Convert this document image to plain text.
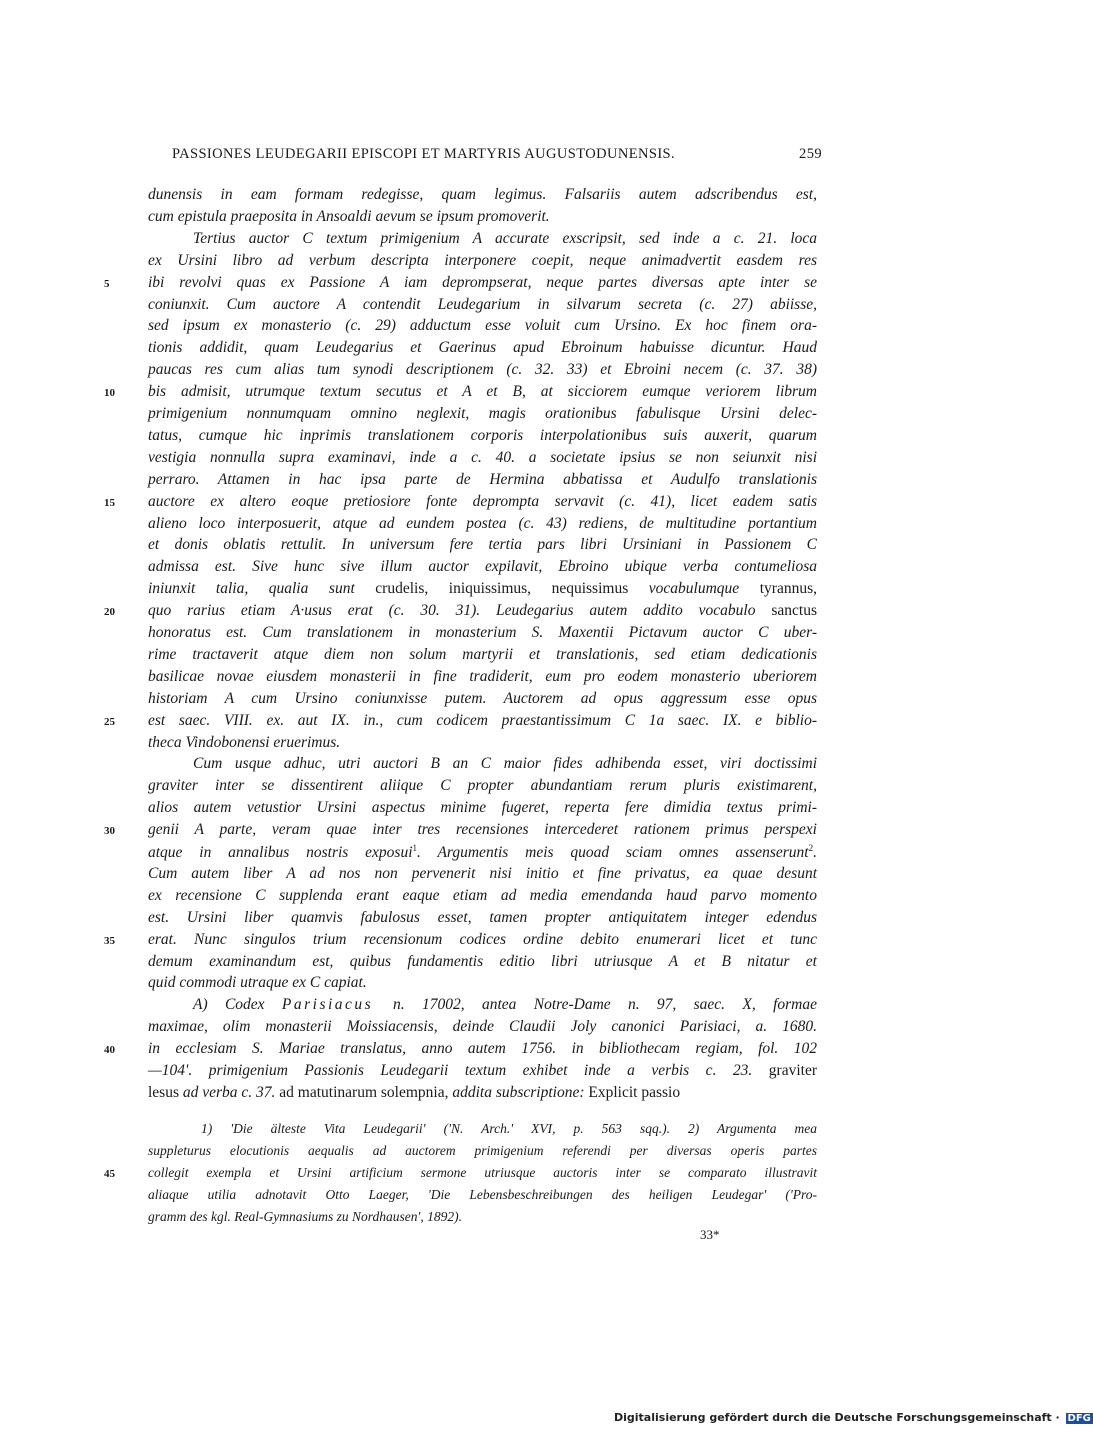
PASSIONES LEUDEGARII EPISCOPI ET MARTYRIS AUGUSTODUNENSIS.	259
dunensis in eam formam redegisse, quam legimus. Falsariis autem adscribendus est,
cum epistula praeposita in Ansoaldi aevum se ipsum promoverit.
Tertius auctor C textum primigenium A accurate exscripsit, sed inde a c. 21. loca
ex Ursini libro ad verbum descripta interponere coepit, neque animadvertit easdem res
ibi revolvi quas ex Passione A iam deprompserat, neque partes diversas apte inter se
5
coniunxit. Cum auctore A contendit Leudegarium in silvarum secreta (c. 27) abiisse,
sed ipsum ex monasterio (c. 29) adductum esse voluit cum Ursino. Ex hoc finem ora-
tionis addidit, quam Leudegarius et Gaerinus apud Ebroinum habuisse dicuntur. Haud
paucas res cum alias tum synodi descriptionem (c. 32. 33) et Ebroini necem (c. 37. 38)
bis admisit, utrumque textum secutus et A et B, at sicciorem eumque veriorem librum
10
primigenium nonnumquam omnino neglexit, magis orationibus fabulisque Ursini delec-
tatus, cumque hic inprimis translationem corporis interpolationibus suis auxerit, quarum
vestigia nonnulla supra examinavi, inde a c. 40. a societate ipsius se non seiunxit nisi
perraro. Attamen in hac ipsa parte de Hermina abbatissa et Audulfo translationis
auctore ex altero eoque pretiosiore fonte deprompta servavit (c. 41), licet eadem satis
15
alieno loco interposuerit, atque ad eundem postea (c. 43) rediens, de multitudine portantium
et donis oblatis rettulit. In universum fere tertia pars libri Ursiniani in Passionem C
admissa est. Sive hunc sive illum auctor expilavit, Ebroino ubique verba contumeliosa
iniunxit talia, qualia sunt crudelis, iniquissimus, nequissimus vocabulumque tyrannus,
quo rarius etiam A·usus erat (c. 30. 31). Leudegarius autem addito vocabulo sanctus
20
honoratus est. Cum translationem in monasterium S. Maxentii Pictavum auctor C uber-
rime tractaverit atque diem non solum martyrii et translationis, sed etiam dedicationis
basilicae novae eiusdem monasterii in fine tradiderit, eum pro eodem monasterio uberiorem
historiam A cum Ursino coniunxisse putem. Auctorem ad opus aggressum esse opus
est saec. VIII. ex. aut IX. in., cum codicem praestantissimum C 1a saec. IX. e biblio-
25
theca Vindobonensi eruerimus.
Cum usque adhuc, utri auctori B an C maior fides adhibenda esset, viri doctissimi
graviter inter se dissentirent aliique C propter abundantiam rerum pluris existimarent,
alios autem vetustior Ursini aspectus minime fugeret, reperta fere dimidia textus primi-
genii A parte, veram quae inter tres recensiones intercederet rationem primus perspexi
30
atque in annalibus nostris exposui$^1$. Argumentis meis quoad sciam omnes assenserunt$^2$.
Cum autem liber A ad nos non pervenerit nisi initio et fine privatus, ea quae desunt
ex recensione C supplenda erant eaque etiam ad media emendanda haud parvo momento
est. Ursini liber quamvis fabulosus esset, tamen propter antiquitatem integer edendus
erat. Nunc singulos trium recensionum codices ordine debito enumerari licet et tunc
35
demum examinandum est, quibus fundamentis editio libri utriusque A et B nitatur et
quid commodi utraque ex C capiat.
A) Codex Parisiacus n. 17002, antea Notre-Dame n. 97, saec. X, formae
maximae, olim monasterii Moissiacensis, deinde Claudii Joly canonici Parisiaci, a. 1680.
in ecclesiam S. Mariae translatus, anno autem 1756. in bibliothecam regiam, fol. 102
40
—104'. primigenium Passionis Leudegarii textum exhibet inde a verbis c. 23. graviter
lesus ad verba c. 37. ad matutinarum solempnia, addita subscriptione: Explicit passio
1) 'Die älteste Vita Leudegarii' ('N. Arch.' XVI, p. 563 sqq.). 2) Argumenta mea
suppleturus elocutionis aequalis ad auctorem primigenium referendi per diversas operis partes
collegit exempla et Ursini artificium sermone utriusque auctoris inter se comparato illustravit
45
aliaque utilia adnotavit Otto Laeger, 'Die Lebensbeschreibungen des heiligen Leudegar' ('Pro-
gramm des kgl. Real-Gymnasiums zu Nordhausen', 1892).
33*
Digitalisierung gefördert durch die Deutsche Forschungsgemeinschaft · DFG
